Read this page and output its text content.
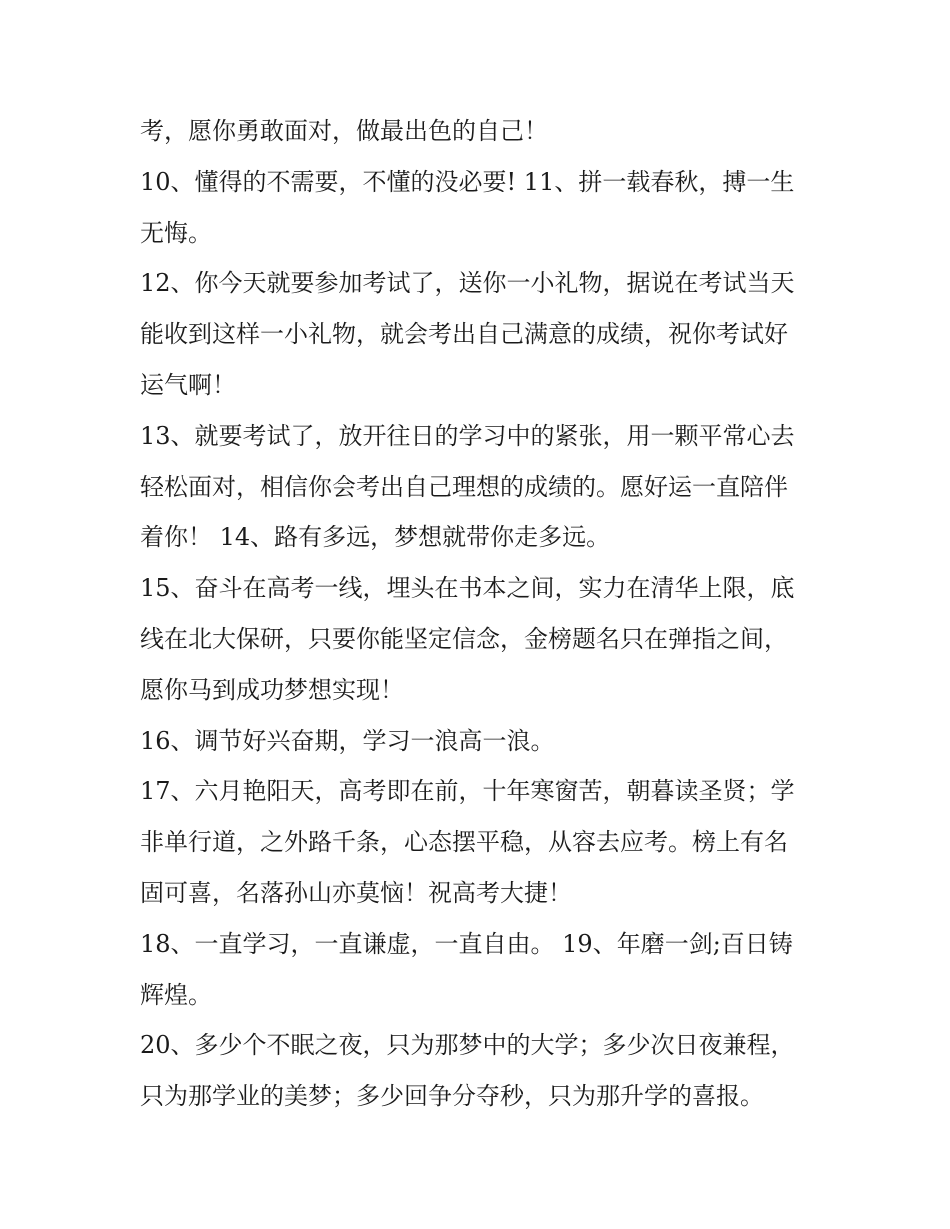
考，愿你勇敢面对，做最出色的自己！
10、懂得的不需要，不懂的没必要! 11、拼一载春秋，搏一生
无悔。
12、你今天就要参加考试了，送你一小礼物，据说在考试当天
能收到这样一小礼物，就会考出自己满意的成绩，祝你考试好
运气啊！
13、就要考试了，放开往日的学习中的紧张，用一颗平常心去
轻松面对，相信你会考出自己理想的成绩的。愿好运一直陪伴
着你！ 14、路有多远，梦想就带你走多远。
15、奋斗在高考一线，埋头在书本之间，实力在清华上限，底
线在北大保研，只要你能坚定信念，金榜题名只在弹指之间，
愿你马到成功梦想实现！
16、调节好兴奋期，学习一浪高一浪。
17、六月艳阳天，高考即在前，十年寒窗苦，朝暮读圣贤；学
非单行道，之外路千条，心态摆平稳，从容去应考。榜上有名
固可喜，名落孙山亦莫恼！祝高考大捷！
18、一直学习，一直谦虚，一直自由。 19、年磨一剑;百日铸
辉煌。
20、多少个不眠之夜，只为那梦中的大学；多少次日夜兼程，
只为那学业的美梦；多少回争分夺秒，只为那升学的喜报。
